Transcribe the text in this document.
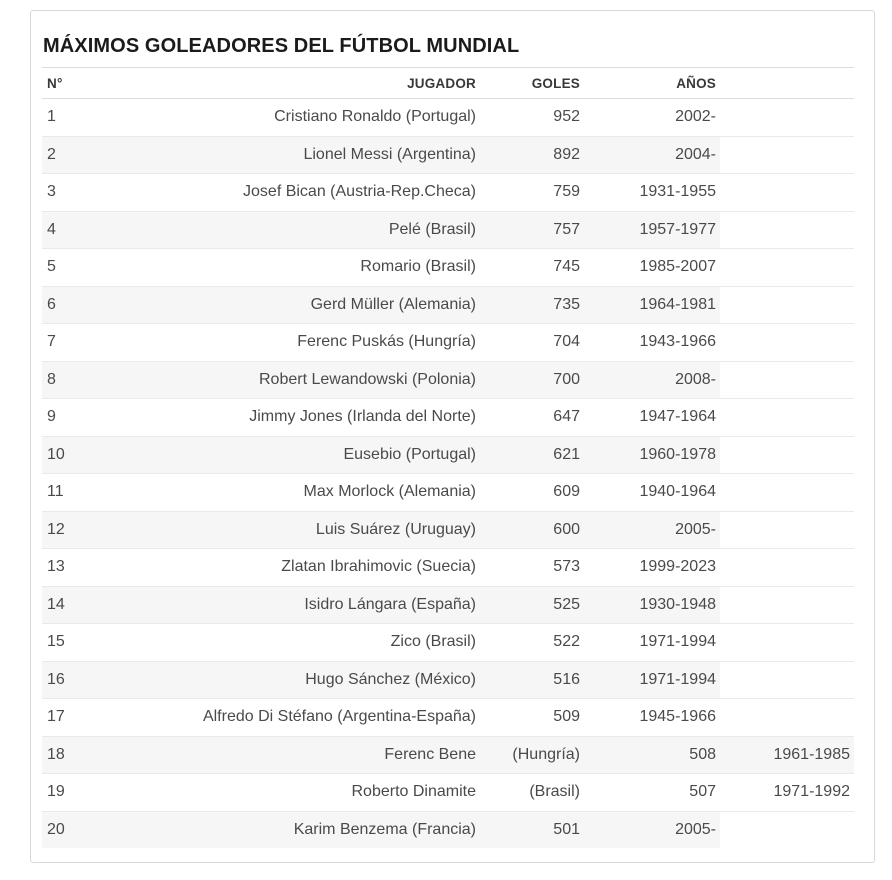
MÁXIMOS GOLEADORES DEL FÚTBOL MUNDIAL
N°	JUGADOR	GOLES	AÑOS
1	Cristiano Ronaldo (Portugal)	952	2002-
2	Lionel Messi (Argentina)	892	2004-
3	Josef Bican (Austria-Rep.Checa)	759	1931-1955
4	Pelé (Brasil)	757	1957-1977
5	Romario (Brasil)	745	1985-2007
6	Gerd Müller (Alemania)	735	1964-1981
7	Ferenc Puskás (Hungría)	704	1943-1966
8	Robert Lewandowski (Polonia)	700	2008-
9	Jimmy Jones (Irlanda del Norte)	647	1947-1964
10	Eusebio (Portugal)	621	1960-1978
11	Max Morlock (Alemania)	609	1940-1964
12	Luis Suárez (Uruguay)	600	2005-
13	Zlatan Ibrahimovic (Suecia)	573	1999-2023
14	Isidro Lángara (España)	525	1930-1948
15	Zico (Brasil)	522	1971-1994
16	Hugo Sánchez (México)	516	1971-1994
17	Alfredo Di Stéfano (Argentina-España)	509	1945-1966
18	Ferenc Bene	(Hungría)	508	1961-1985
19	Roberto Dinamite	(Brasil)	507	1971-1992
20	Karim Benzema (Francia)	501	2005-
